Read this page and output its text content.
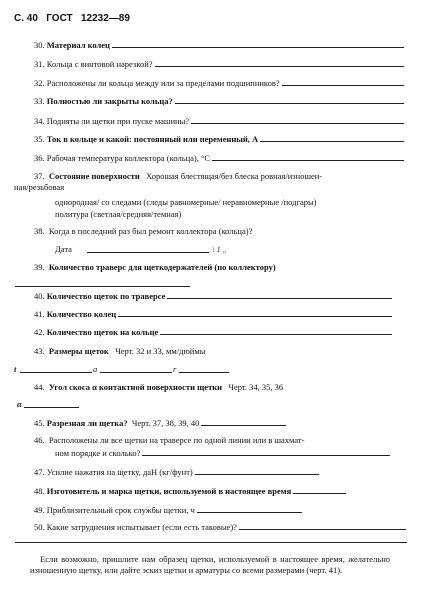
С. 40 ГОСТ 12232—89
30.
Материал колец
31.
Кольца с винтовой нарезкой?
32.
Расположены ли кольца между или за пределами подшипников?
33.
Полностью ли закрыты кольца?
34.
Подняты ли щетки при пуске машины?
35.
Ток в кольце и какой: постоянный или переменный, А
36.
Рабочая температура коллектора (кольца), °С
37. Состояние поверхности Хорошая блестящая/без блеска ровная/изношен-
ная/резьбовая
однородная/ со следами (следы равномерные/ неравномерные /подгары)
политура (светлая/средняя/темная)
38. Когда в последний раз был ремонт коллектора (кольца)?
Дата	\ 1 ₀
39. Количество траверс для щеткодержателей (по коллектору)
40.
Количество щеток по траверсе
41.
Количество колец
42.
Количество щеток на кольце
43. Размеры щеток Черт. 32 и 33, мм/дюймы
t	a	r
44. Угол скоса α контактной поверхности щетки Черт. 34, 35, 36
α
45.
Разрезная ли щетка?
Черт. 37, 38, 39, 40
46. Расположены ли все щетки на траверсе по одной линии или в шахмат-
ном порядке и сколько?
47.
Усилие нажатия на щетку, даН (кг/фунт)
48.
Изготовитель и марка щетки, используемой в настоящее время
49.
Приблизительный срок службы щетки, ч
50.
Какие затруднения испытывает (если есть таковые)?
Если возможно, пришлите нам образец щетки, используемой в настоящее время, желательно изношенную щетку, или дайте эскиз щетки и арматуры со всеми размерами (черт. 41).
